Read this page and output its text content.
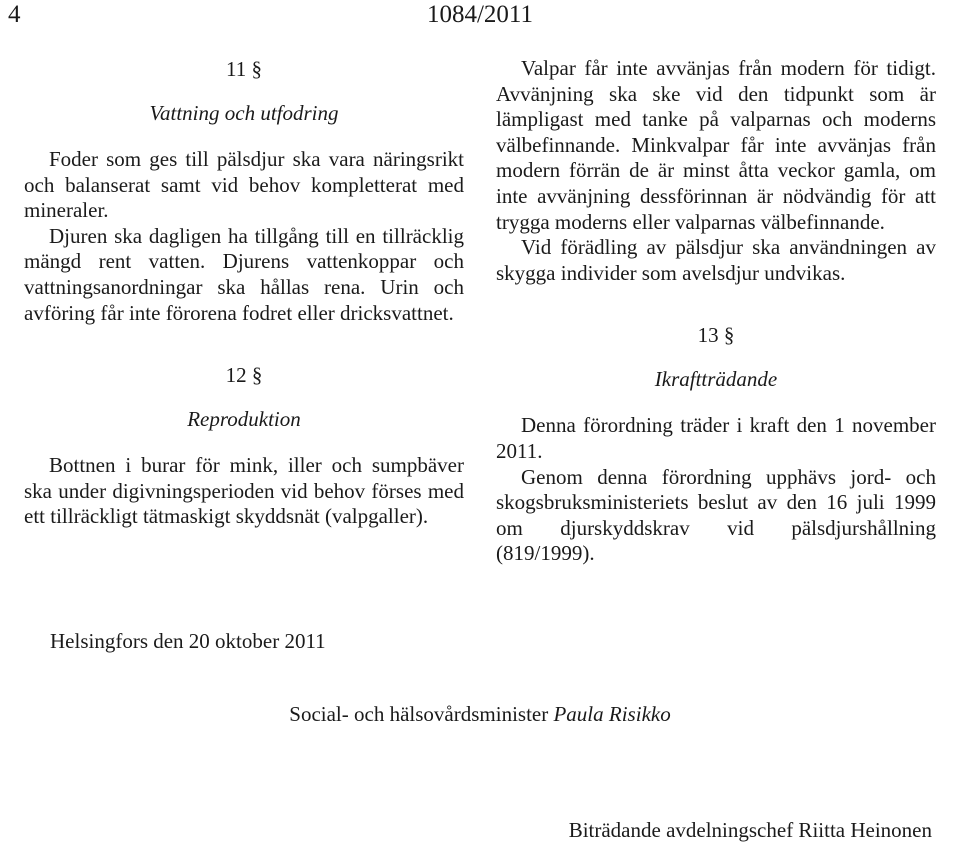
4	1084/2011

11 §

Vattning och utfodring

Foder som ges till pälsdjur ska vara näringsrikt och balanserat samt vid behov kompletterat med mineraler.

Djuren ska dagligen ha tillgång till en tillräcklig mängd rent vatten. Djurens vattenkoppar och vattningsanordningar ska hållas rena. Urin och avföring får inte förorena fodret eller dricksvattnet.

12 §

Reproduktion

Bottnen i burar för mink, iller och sumpbäver ska under digivningsperioden vid behov förses med ett tillräckligt tätmaskigt skyddsnät (valpgaller).

Valpar får inte avvänjas från modern för tidigt. Avvänjning ska ske vid den tidpunkt som är lämpligast med tanke på valparnas och moderns välbefinnande. Minkvalpar får inte avvänjas från modern förrän de är minst åtta veckor gamla, om inte avvänjning dessförinnan är nödvändig för att trygga moderns eller valparnas välbefinnande.

Vid förädling av pälsdjur ska användningen av skygga individer som avelsdjur undvikas.

13 §

Ikraftträdande

Denna förordning träder i kraft den 1 november 2011.

Genom denna förordning upphävs jord- och skogsbruksministeriets beslut av den 16 juli 1999 om djurskyddskrav vid pälsdjurshållning (819/1999).

Helsingfors den 20 oktober 2011
Social- och hälsovårdsminister Paula Risikko
Biträdande avdelningschef Riitta Heinonen
